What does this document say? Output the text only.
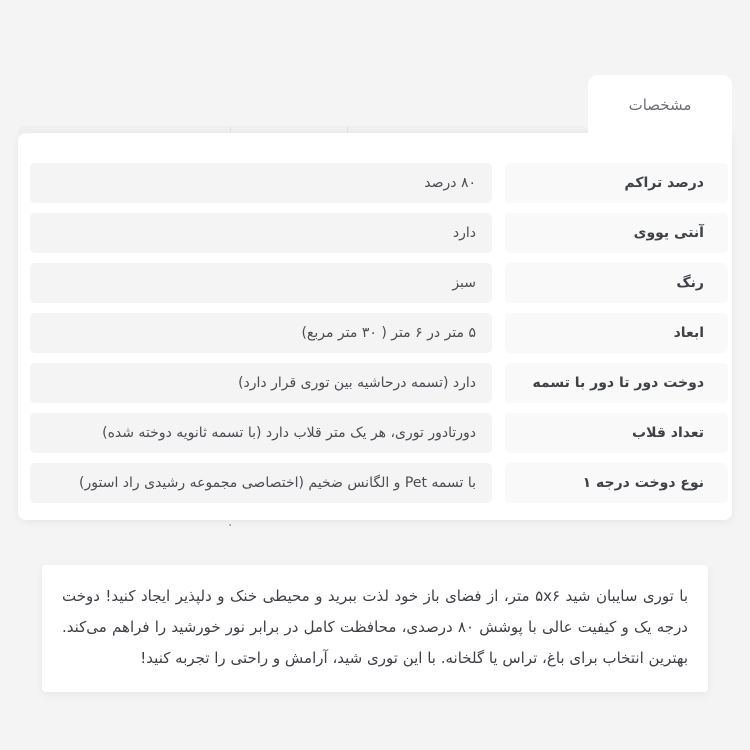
مشخصات
درصد تراکم
۸۰ درصد
آنتی یووی
دارد
رنگ
سبز
ابعاد
۵ متر در ۶ متر ( ۳۰ متر مربع)
دوخت دور تا دور با تسمه
دارد (تسمه درحاشیه بین توری قرار دارد)
تعداد قلاب
دورتادور توری، هر یک متر قلاب دارد (با تسمه ثانویه دوخته شده)
نوع دوخت درجه ۱
با تسمه Pet و الگانس ضخیم (اختصاصی مجموعه رشیدی راد استور)
.

با توری سایبان شید ۵x۶ متر، از فضای باز خود لذت ببرید و محیطی خنک و دلپذیر ایجاد کنید! دوخت درجه یک و کیفیت عالی با پوشش ۸۰ درصدی، محافظت کامل در برابر نور خورشید را فراهم می‌کند. بهترین انتخاب برای باغ، تراس یا گلخانه. با این توری شید، آرامش و راحتی را تجربه کنید!
